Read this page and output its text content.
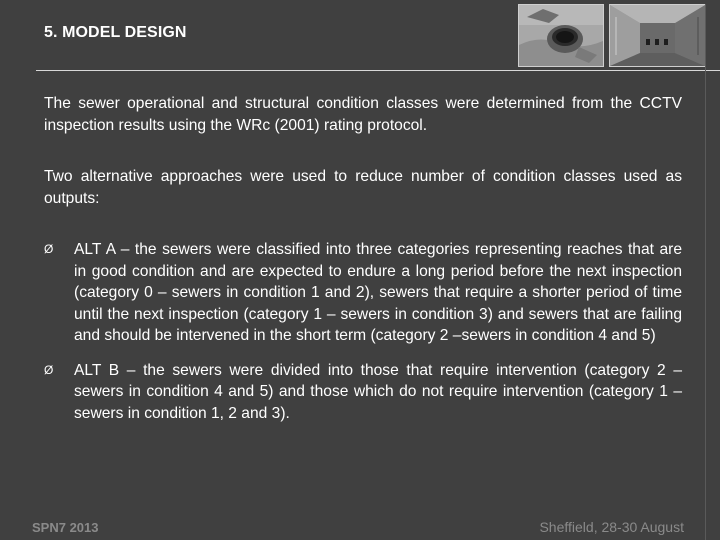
5. MODEL DESIGN

The sewer operational and structural condition classes were determined from the CCTV inspection results using the WRc (2001) rating protocol.

Two alternative approaches were used to reduce number of condition classes used as outputs:

Ø ALT A – the sewers were classified into three categories representing reaches that are in good condition and are expected to endure a long period before the next inspection (category 0 – sewers in condition 1 and 2), sewers that require a shorter period of time until the next inspection (category 1 – sewers in condition 3) and sewers that are failing and should be intervened in the short term (category 2 –sewers in condition 4 and 5)
Ø ALT B – the sewers were divided into those that require intervention (category 2 – sewers in condition 4 and 5) and those which do not require intervention (category 1 – sewers in condition 1, 2 and 3).
SPN7 2013	Sheffield, 28-30 August
